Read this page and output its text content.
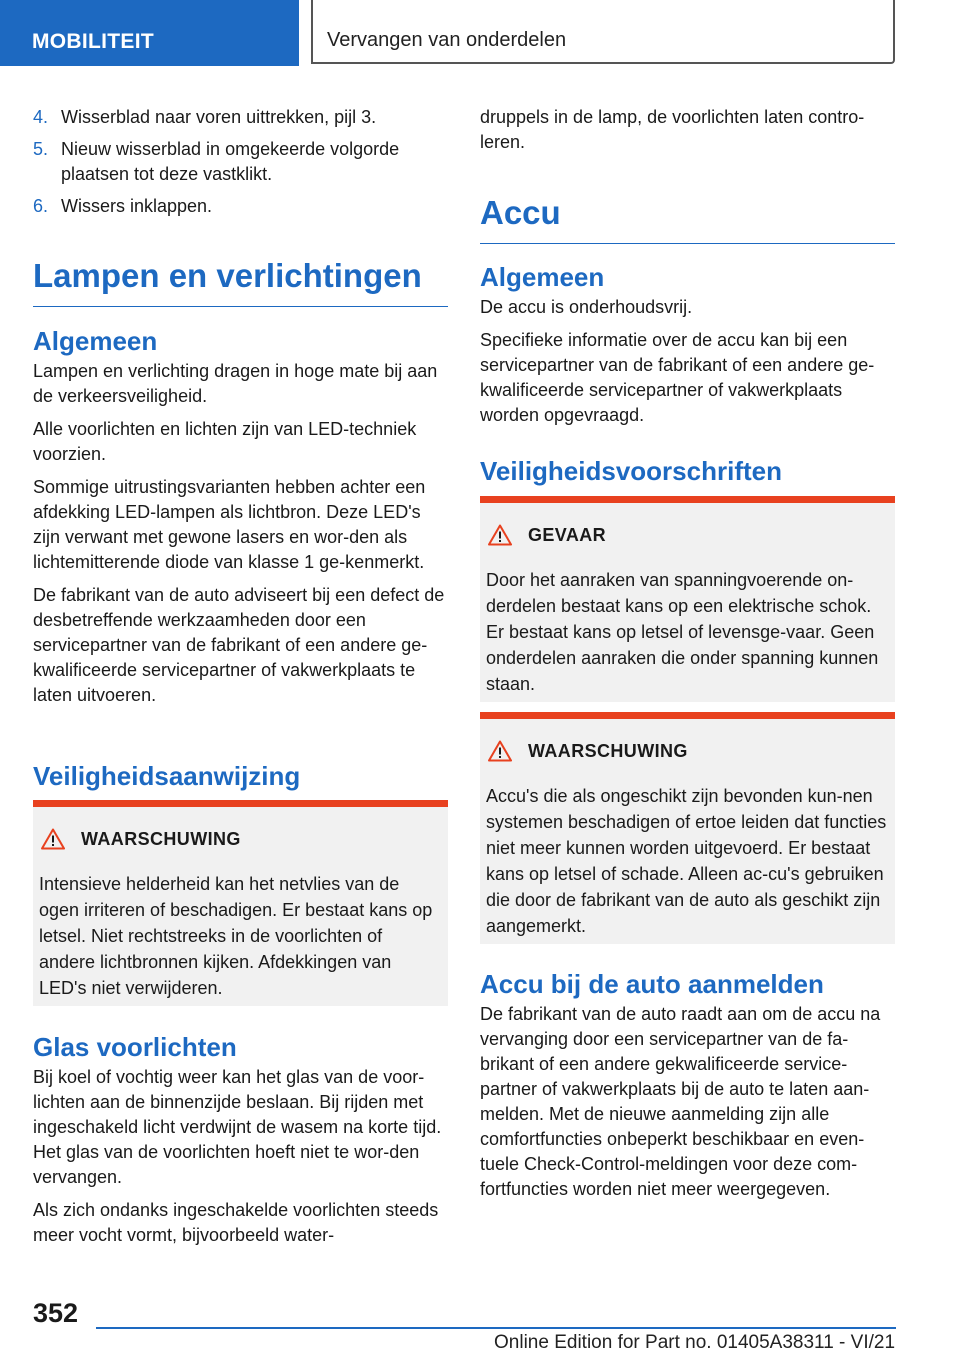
MOBILITEIT	Vervangen van onderdelen
4. Wisserblad naar voren uittrekken, pijl 3.
5. Nieuw wisserblad in omgekeerde volgorde plaatsen tot deze vastklikt.
6. Wissers inklappen.
Lampen en verlichtingen
Algemeen

Lampen en verlichting dragen in hoge mate bij aan de verkeersveiligheid.

Alle voorlichten en lichten zijn van LED-techniek voorzien.

Sommige uitrustingsvarianten hebben achter een afdekking LED-lampen als lichtbron. Deze LED's zijn verwant met gewone lasers en wor-den als lichtemitterende diode van klasse 1 ge-kenmerkt.

De fabrikant van de auto adviseert bij een defect de desbetreffende werkzaamheden door een servicepartner van de fabrikant of een andere ge-kwalificeerde servicepartner of vakwerkplaats te laten uitvoeren.

Veiligheidsaanwijzing
WAARSCHUWING

Intensieve helderheid kan het netvlies van de ogen irriteren of beschadigen. Er bestaat kans op letsel. Niet rechtstreeks in de voorlichten of andere lichtbronnen kijken. Afdekkingen van LED's niet verwijderen.

Glas voorlichten

Bij koel of vochtig weer kan het glas van de voor-lichten aan de binnenzijde beslaan. Bij rijden met ingeschakeld licht verdwijnt de wasem na korte tijd. Het glas van de voorlichten hoeft niet te wor-den vervangen.

Als zich ondanks ingeschakelde voorlichten steeds meer vocht vormt, bijvoorbeeld water-

druppels in de lamp, de voorlichten laten contro-leren.

Accu
Algemeen

De accu is onderhoudsvrij.

Specifieke informatie over de accu kan bij een servicepartner van de fabrikant of een andere ge-kwalificeerde servicepartner of vakwerkplaats worden opgevraagd.

Veiligheidsvoorschriften
GEVAAR

Door het aanraken van spanningvoerende on-derdelen bestaat kans op een elektrische schok. Er bestaat kans op letsel of levensge-vaar. Geen onderdelen aanraken die onder spanning kunnen staan.

WAARSCHUWING

Accu's die als ongeschikt zijn bevonden kun-nen systemen beschadigen of ertoe leiden dat functies niet meer kunnen worden uitgevoerd. Er bestaat kans op letsel of schade. Alleen ac-cu's gebruiken die door de fabrikant van de auto als geschikt zijn aangemerkt.

Accu bij de auto aanmelden

De fabrikant van de auto raadt aan om de accu na vervanging door een servicepartner van de fa-brikant of een andere gekwalificeerde service-partner of vakwerkplaats bij de auto te laten aan-melden. Met de nieuwe aanmelding zijn alle comfortfuncties onbeperkt beschikbaar en even-tuele Check-Control-meldingen voor deze com-fortfuncties worden niet meer weergegeven.

352
Online Edition for Part no. 01405A38311 - VI/21
